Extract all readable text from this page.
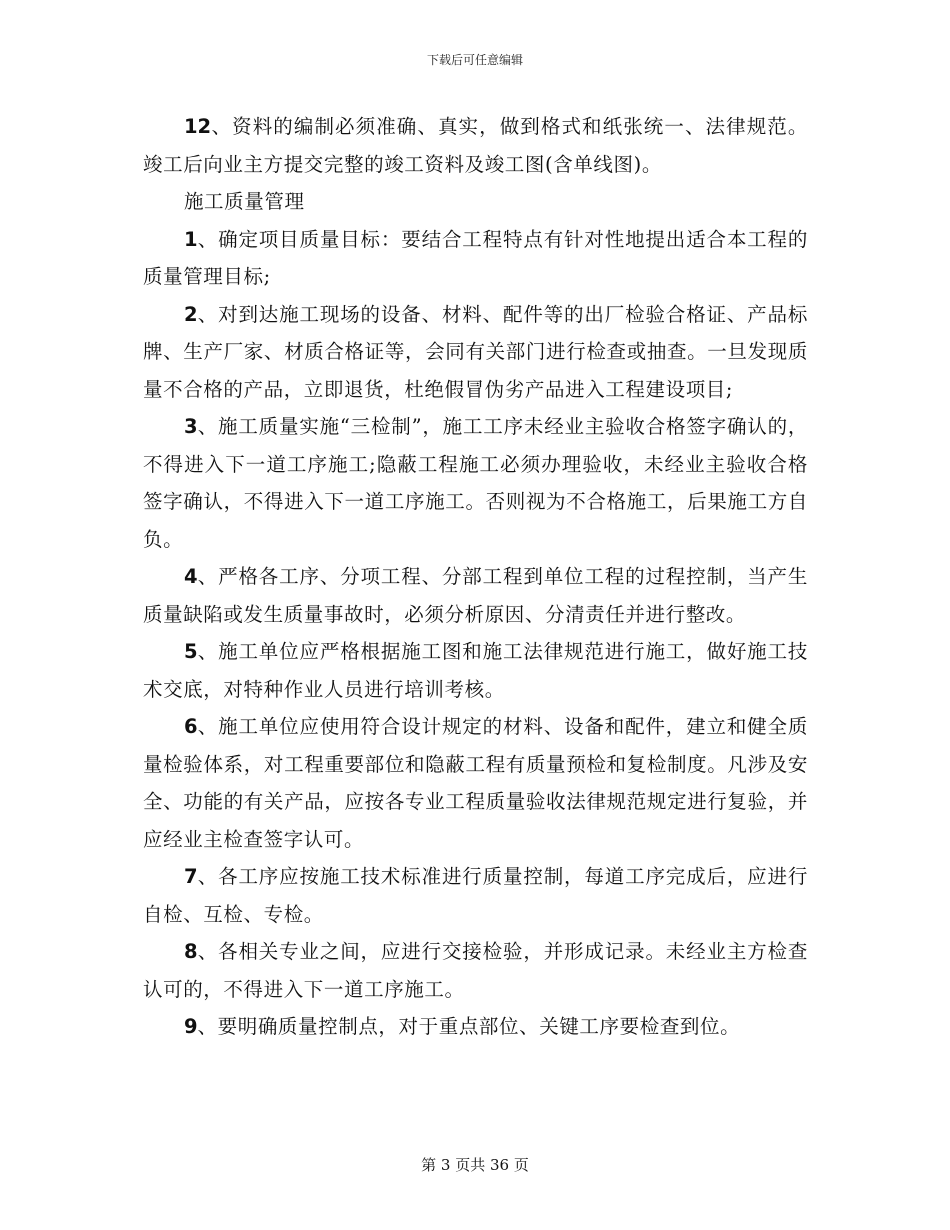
下载后可任意编辑

12、资料的编制必须准确、真实，做到格式和纸张统一、法律规范。竣工后向业主方提交完整的竣工资料及竣工图(含单线图)。

施工质量管理

1、确定项目质量目标：要结合工程特点有针对性地提出适合本工程的质量管理目标;

2、对到达施工现场的设备、材料、配件等的出厂检验合格证、产品标牌、生产厂家、材质合格证等，会同有关部门进行检查或抽查。一旦发现质量不合格的产品，立即退货，杜绝假冒伪劣产品进入工程建设项目;

3、施工质量实施“三检制”，施工工序未经业主验收合格签字确认的，不得进入下一道工序施工;隐蔽工程施工必须办理验收，未经业主验收合格签字确认，不得进入下一道工序施工。否则视为不合格施工，后果施工方自负。

4、严格各工序、分项工程、分部工程到单位工程的过程控制，当产生质量缺陷或发生质量事故时，必须分析原因、分清责任并进行整改。

5、施工单位应严格根据施工图和施工法律规范进行施工，做好施工技术交底，对特种作业人员进行培训考核。

6、施工单位应使用符合设计规定的材料、设备和配件，建立和健全质量检验体系，对工程重要部位和隐蔽工程有质量预检和复检制度。凡涉及安全、功能的有关产品，应按各专业工程质量验收法律规范规定进行复验，并应经业主检查签字认可。

7、各工序应按施工技术标准进行质量控制，每道工序完成后，应进行自检、互检、专检。

8、各相关专业之间，应进行交接检验，并形成记录。未经业主方检查认可的，不得进入下一道工序施工。

9、要明确质量控制点，对于重点部位、关键工序要检查到位。

第 3 页共 36 页
